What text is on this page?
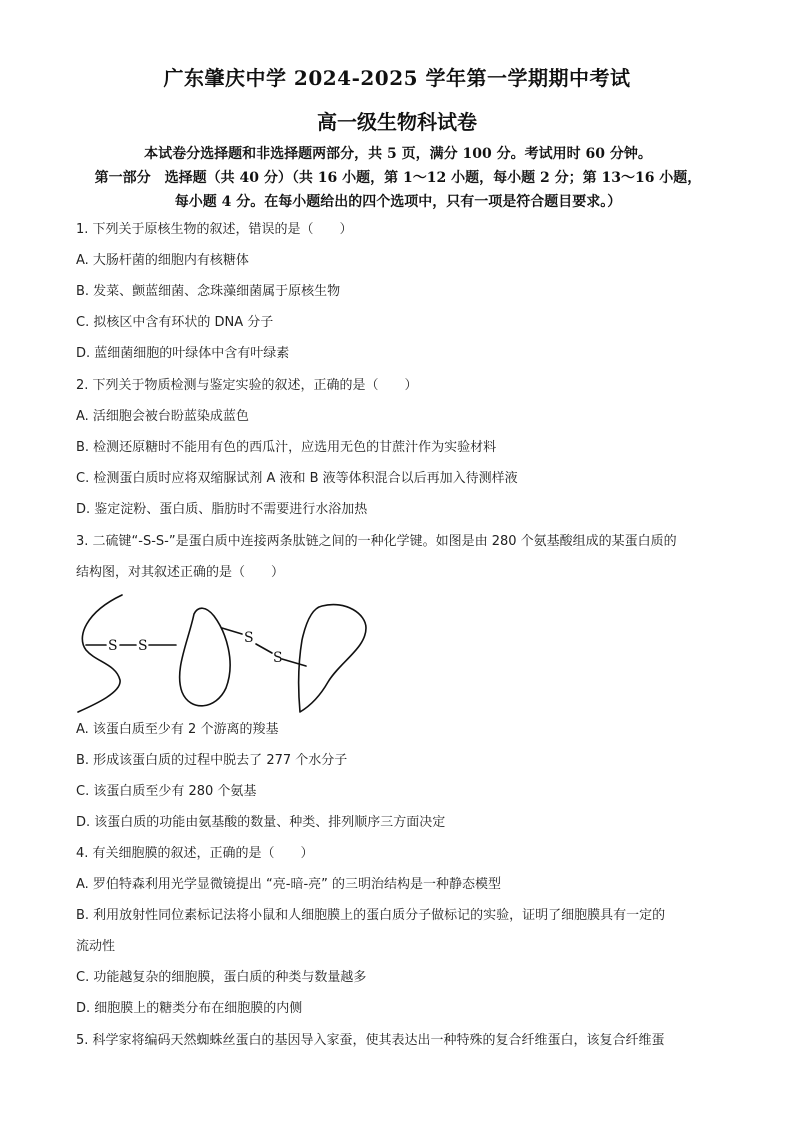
广东肇庆中学 2024-2025 学年第一学期期中考试
高一级生物科试卷
本试卷分选择题和非选择题两部分，共 5 页，满分 100 分。考试用时 60 分钟。
第一部分　选择题（共 40 分）（共 16 小题，第 1～12 小题，每小题 2 分；第 13～16 小题，
每小题 4 分。在每小题给出的四个选项中，只有一项是符合题目要求。）
1. 下列关于原核生物的叙述，错误的是（　　）
A. 大肠杆菌的细胞内有核糖体
B. 发菜、颤蓝细菌、念珠藻细菌属于原核生物
C. 拟核区中含有环状的 DNA 分子
D. 蓝细菌细胞的叶绿体中含有叶绿素
2. 下列关于物质检测与鉴定实验的叙述，正确的是（　　）
A. 活细胞会被台盼蓝染成蓝色
B. 检测还原糖时不能用有色的西瓜汁，应选用无色的甘蔗汁作为实验材料
C. 检测蛋白质时应将双缩脲试剂 A 液和 B 液等体积混合以后再加入待测样液
D. 鉴定淀粉、蛋白质、脂肪时不需要进行水浴加热
3. 二硫键“-S-S-”是蛋白质中连接两条肽链之间的一种化学键。如图是由 280 个氨基酸组成的某蛋白质的
结构图，对其叙述正确的是（　　）
S S	S
S
A. 该蛋白质至少有 2 个游离的羧基
B. 形成该蛋白质的过程中脱去了 277 个水分子
C. 该蛋白质至少有 280 个氨基
D. 该蛋白质的功能由氨基酸的数量、种类、排列顺序三方面决定
4. 有关细胞膜的叙述，正确的是（　　）
A. 罗伯特森利用光学显微镜提出 “亮-暗-亮” 的三明治结构是一种静态模型
B. 利用放射性同位素标记法将小鼠和人细胞膜上的蛋白质分子做标记的实验，证明了细胞膜具有一定的
流动性
C. 功能越复杂的细胞膜，蛋白质的种类与数量越多
D. 细胞膜上的糖类分布在细胞膜的内侧
5. 科学家将编码天然蜘蛛丝蛋白的基因导入家蚕，使其表达出一种特殊的复合纤维蛋白，该复合纤维蛋
